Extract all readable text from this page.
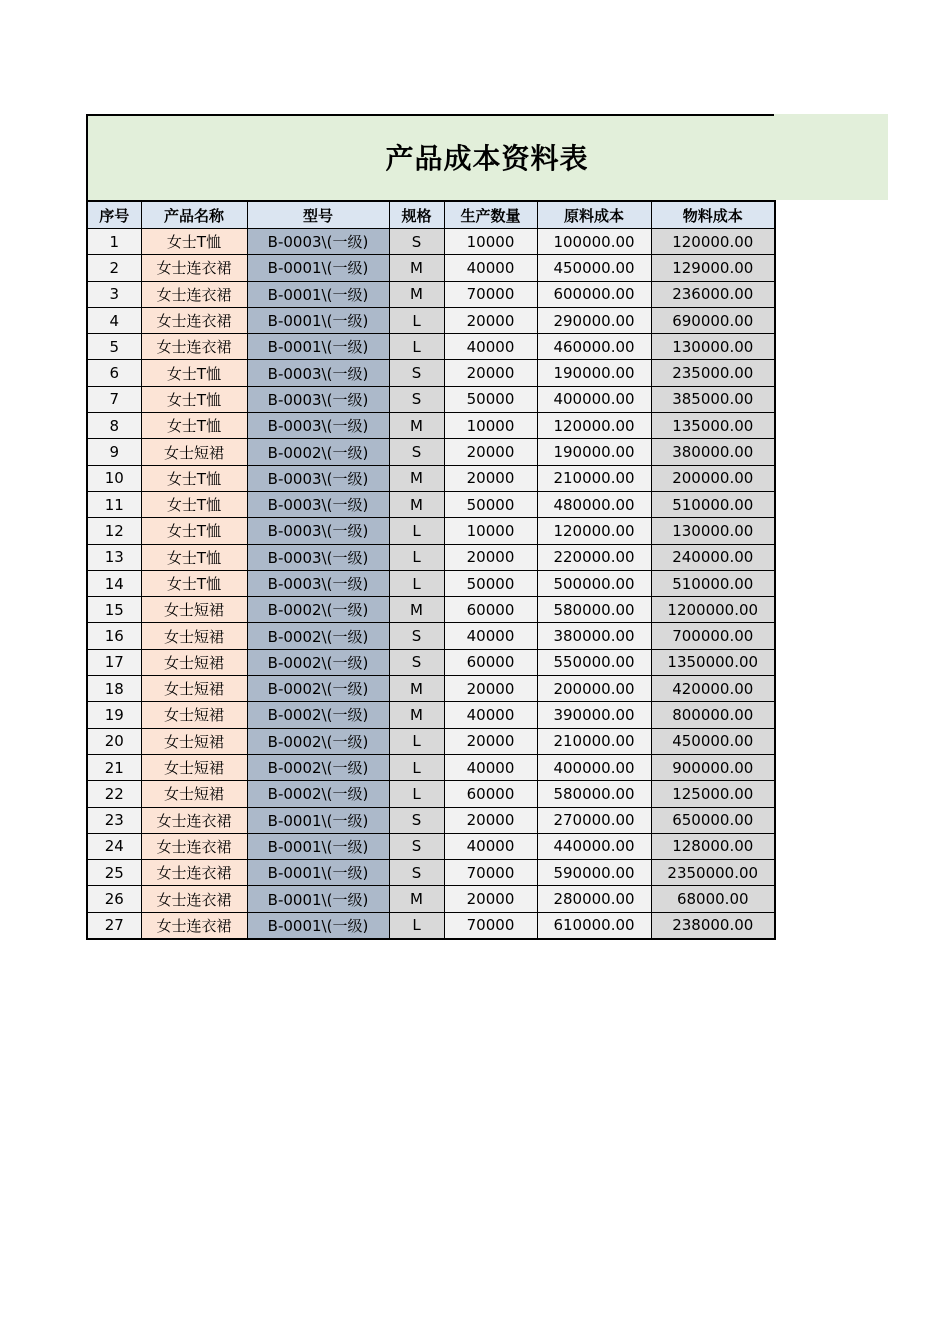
产品成本资料表
序号	产品名称	型号	规格	生产数量	原料成本	物料成本
1	女士T恤	B-0003\(一级)	S	10000	100000.00	120000.00
2	女士连衣裙	B-0001\(一级)	M	40000	450000.00	129000.00
3	女士连衣裙	B-0001\(一级)	M	70000	600000.00	236000.00
4	女士连衣裙	B-0001\(一级)	L	20000	290000.00	690000.00
5	女士连衣裙	B-0001\(一级)	L	40000	460000.00	130000.00
6	女士T恤	B-0003\(一级)	S	20000	190000.00	235000.00
7	女士T恤	B-0003\(一级)	S	50000	400000.00	385000.00
8	女士T恤	B-0003\(一级)	M	10000	120000.00	135000.00
9	女士短裙	B-0002\(一级)	S	20000	190000.00	380000.00
10	女士T恤	B-0003\(一级)	M	20000	210000.00	200000.00
11	女士T恤	B-0003\(一级)	M	50000	480000.00	510000.00
12	女士T恤	B-0003\(一级)	L	10000	120000.00	130000.00
13	女士T恤	B-0003\(一级)	L	20000	220000.00	240000.00
14	女士T恤	B-0003\(一级)	L	50000	500000.00	510000.00
15	女士短裙	B-0002\(一级)	M	60000	580000.00	1200000.00
16	女士短裙	B-0002\(一级)	S	40000	380000.00	700000.00
17	女士短裙	B-0002\(一级)	S	60000	550000.00	1350000.00
18	女士短裙	B-0002\(一级)	M	20000	200000.00	420000.00
19	女士短裙	B-0002\(一级)	M	40000	390000.00	800000.00
20	女士短裙	B-0002\(一级)	L	20000	210000.00	450000.00
21	女士短裙	B-0002\(一级)	L	40000	400000.00	900000.00
22	女士短裙	B-0002\(一级)	L	60000	580000.00	125000.00
23	女士连衣裙	B-0001\(一级)	S	20000	270000.00	650000.00
24	女士连衣裙	B-0001\(一级)	S	40000	440000.00	128000.00
25	女士连衣裙	B-0001\(一级)	S	70000	590000.00	2350000.00
26	女士连衣裙	B-0001\(一级)	M	20000	280000.00	68000.00
27	女士连衣裙	B-0001\(一级)	L	70000	610000.00	238000.00
